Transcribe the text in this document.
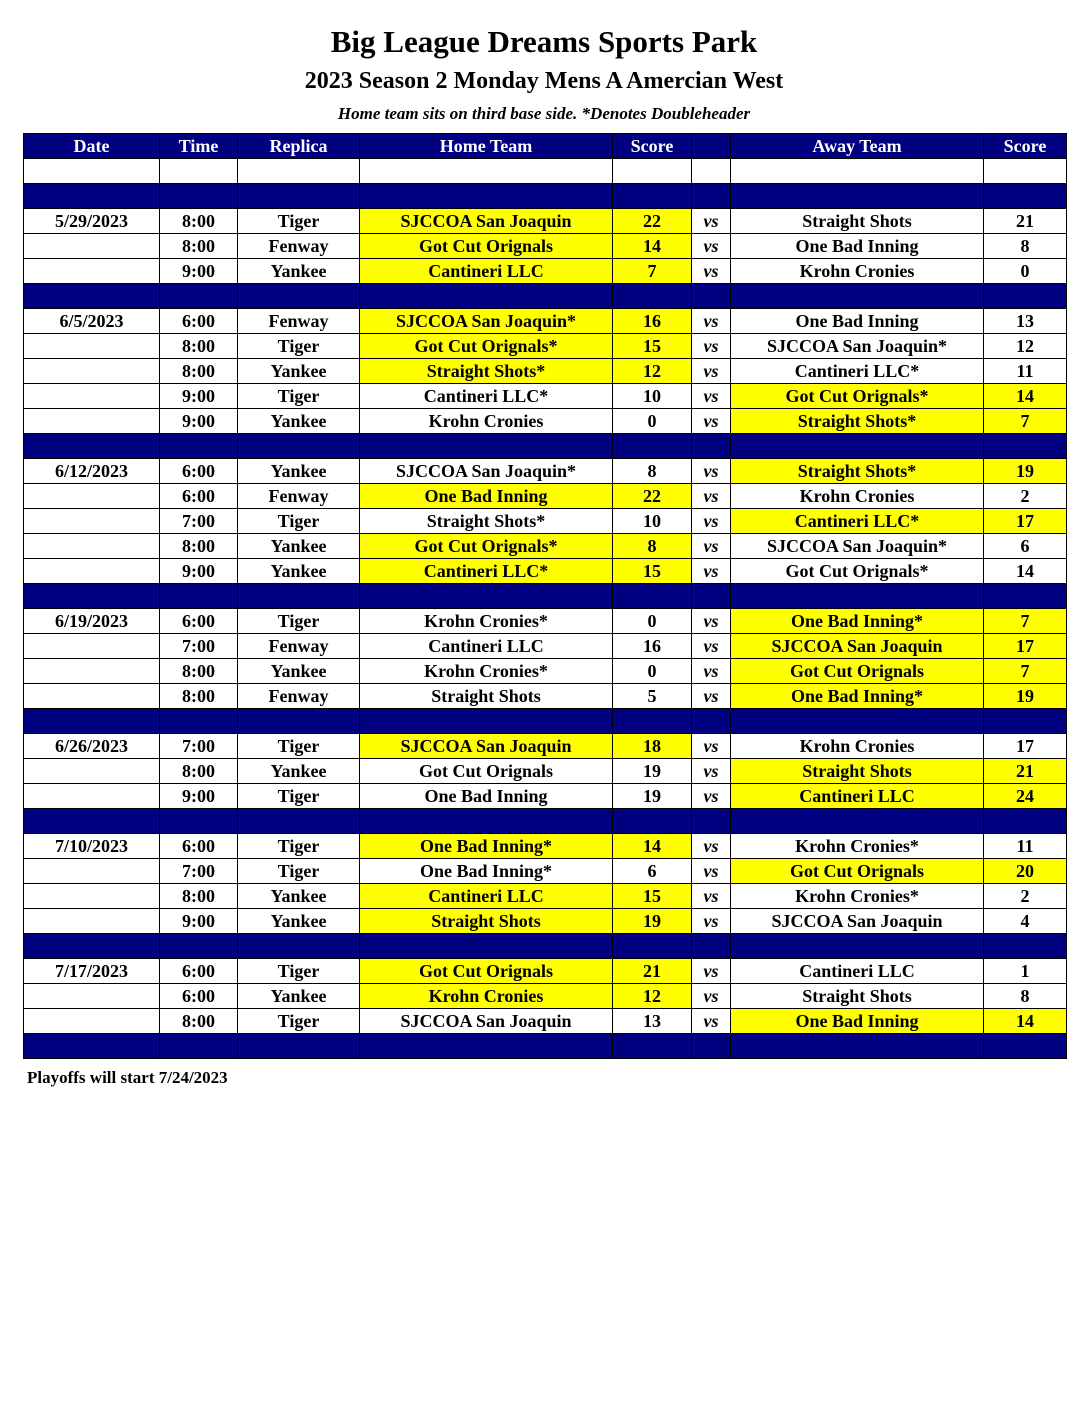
Big League Dreams Sports Park
2023 Season 2 Monday Mens A Amercian West
Home team sits on third base side. *Denotes Doubleheader
Date	Time	Replica	Home Team	Score		Away Team	Score

5/29/2023	8:00	Tiger	SJCCOA San Joaquin	22	vs	Straight Shots	21
	8:00	Fenway	Got Cut Orignals	14	vs	One Bad Inning	8
	9:00	Yankee	Cantineri LLC	7	vs	Krohn Cronies	0

6/5/2023	6:00	Fenway	SJCCOA San Joaquin*	16	vs	One Bad Inning	13
	8:00	Tiger	Got Cut Orignals*	15	vs	SJCCOA San Joaquin*	12
	8:00	Yankee	Straight Shots*	12	vs	Cantineri LLC*	11
	9:00	Tiger	Cantineri LLC*	10	vs	Got Cut Orignals*	14
	9:00	Yankee	Krohn Cronies	0	vs	Straight Shots*	7

6/12/2023	6:00	Yankee	SJCCOA San Joaquin*	8	vs	Straight Shots*	19
	6:00	Fenway	One Bad Inning	22	vs	Krohn Cronies	2
	7:00	Tiger	Straight Shots*	10	vs	Cantineri LLC*	17
	8:00	Yankee	Got Cut Orignals*	8	vs	SJCCOA San Joaquin*	6
	9:00	Yankee	Cantineri LLC*	15	vs	Got Cut Orignals*	14

6/19/2023	6:00	Tiger	Krohn Cronies*	0	vs	One Bad Inning*	7
	7:00	Fenway	Cantineri LLC	16	vs	SJCCOA San Joaquin	17
	8:00	Yankee	Krohn Cronies*	0	vs	Got Cut Orignals	7
	8:00	Fenway	Straight Shots	5	vs	One Bad Inning*	19

6/26/2023	7:00	Tiger	SJCCOA San Joaquin	18	vs	Krohn Cronies	17
	8:00	Yankee	Got Cut Orignals	19	vs	Straight Shots	21
	9:00	Tiger	One Bad Inning	19	vs	Cantineri LLC	24

7/10/2023	6:00	Tiger	One Bad Inning*	14	vs	Krohn Cronies*	11
	7:00	Tiger	One Bad Inning*	6	vs	Got Cut Orignals	20
	8:00	Yankee	Cantineri LLC	15	vs	Krohn Cronies*	2
	9:00	Yankee	Straight Shots	19	vs	SJCCOA San Joaquin	4

7/17/2023	6:00	Tiger	Got Cut Orignals	21	vs	Cantineri LLC	1
	6:00	Yankee	Krohn Cronies	12	vs	Straight Shots	8
	8:00	Tiger	SJCCOA San Joaquin	13	vs	One Bad Inning	14

Playoffs will start 7/24/2023
